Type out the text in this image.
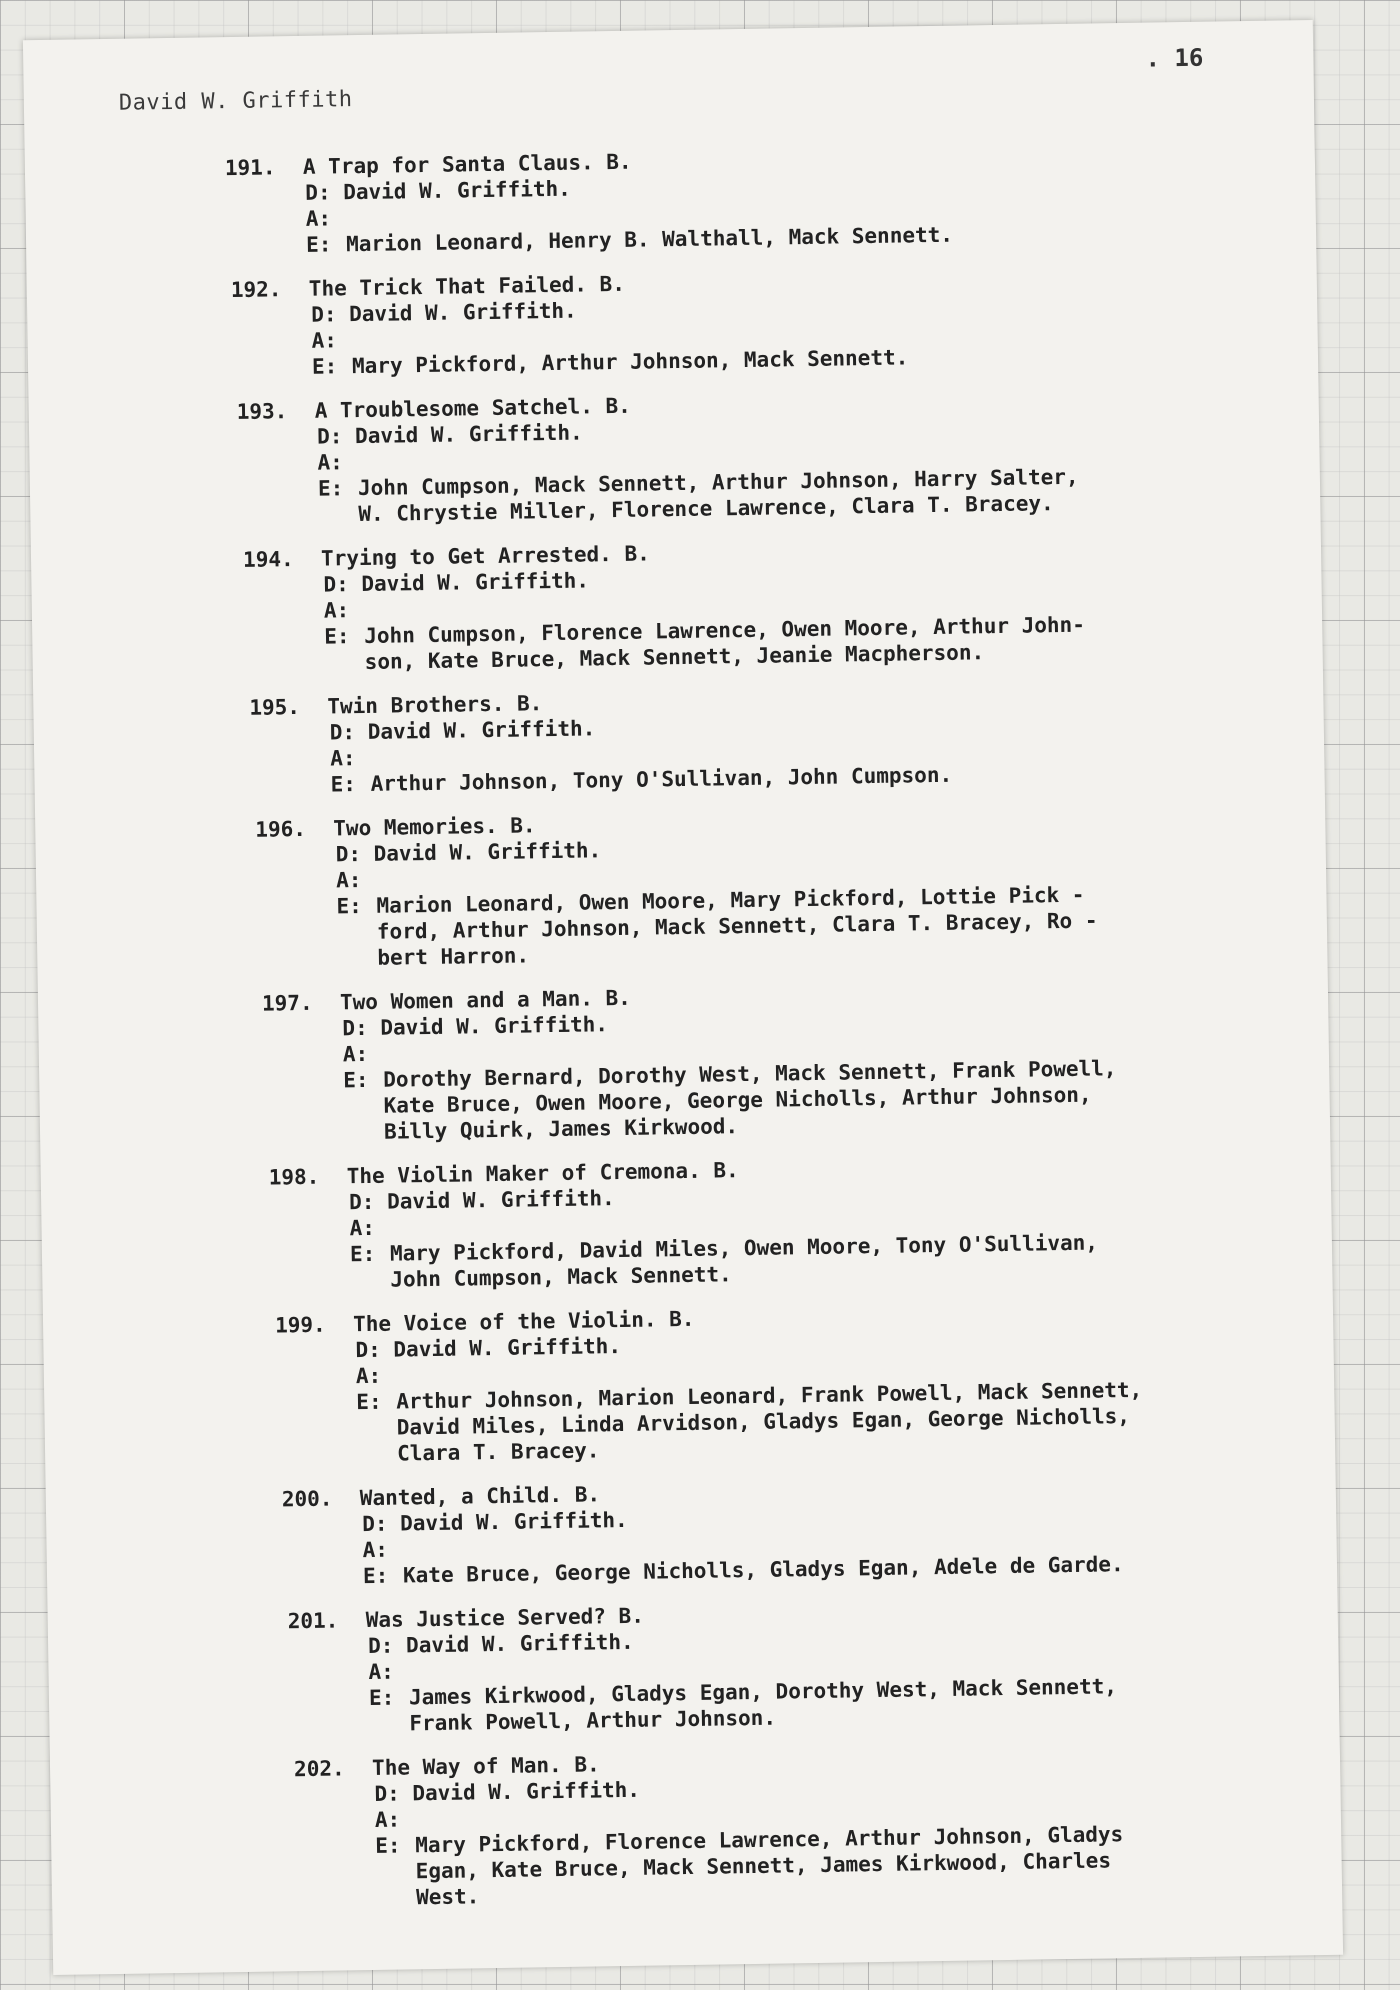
David W. Griffith
. 16
191. A Trap for Santa Claus. B.
D: David W. Griffith.
A:
E: Marion Leonard, Henry B. Walthall, Mack Sennett.
192. The Trick That Failed. B.
D: David W. Griffith.
A:
E: Mary Pickford, Arthur Johnson, Mack Sennett.
193. A Troublesome Satchel. B.
D: David W. Griffith.
A:
E: John Cumpson, Mack Sennett, Arthur Johnson, Harry Salter,
W. Chrystie Miller, Florence Lawrence, Clara T. Bracey.
194. Trying to Get Arrested. B.
D: David W. Griffith.
A:
E: John Cumpson, Florence Lawrence, Owen Moore, Arthur John-
son, Kate Bruce, Mack Sennett, Jeanie Macpherson.
195. Twin Brothers. B.
D: David W. Griffith.
A:
E: Arthur Johnson, Tony O'Sullivan, John Cumpson.
196. Two Memories. B.
D: David W. Griffith.
A:
E: Marion Leonard, Owen Moore, Mary Pickford, Lottie Pick -
ford, Arthur Johnson, Mack Sennett, Clara T. Bracey, Ro -
bert Harron.
197. Two Women and a Man. B.
D: David W. Griffith.
A:
E: Dorothy Bernard, Dorothy West, Mack Sennett, Frank Powell,
Kate Bruce, Owen Moore, George Nicholls, Arthur Johnson,
Billy Quirk, James Kirkwood.
198. The Violin Maker of Cremona. B.
D: David W. Griffith.
A:
E: Mary Pickford, David Miles, Owen Moore, Tony O'Sullivan,
John Cumpson, Mack Sennett.
199. The Voice of the Violin. B.
D: David W. Griffith.
A:
E: Arthur Johnson, Marion Leonard, Frank Powell, Mack Sennett,
David Miles, Linda Arvidson, Gladys Egan, George Nicholls,
Clara T. Bracey.
200. Wanted, a Child. B.
D: David W. Griffith.
A:
E: Kate Bruce, George Nicholls, Gladys Egan, Adele de Garde.
201. Was Justice Served? B.
D: David W. Griffith.
A:
E: James Kirkwood, Gladys Egan, Dorothy West, Mack Sennett,
Frank Powell, Arthur Johnson.
202. The Way of Man. B.
D: David W. Griffith.
A:
E: Mary Pickford, Florence Lawrence, Arthur Johnson, Gladys
Egan, Kate Bruce, Mack Sennett, James Kirkwood, Charles
West.
